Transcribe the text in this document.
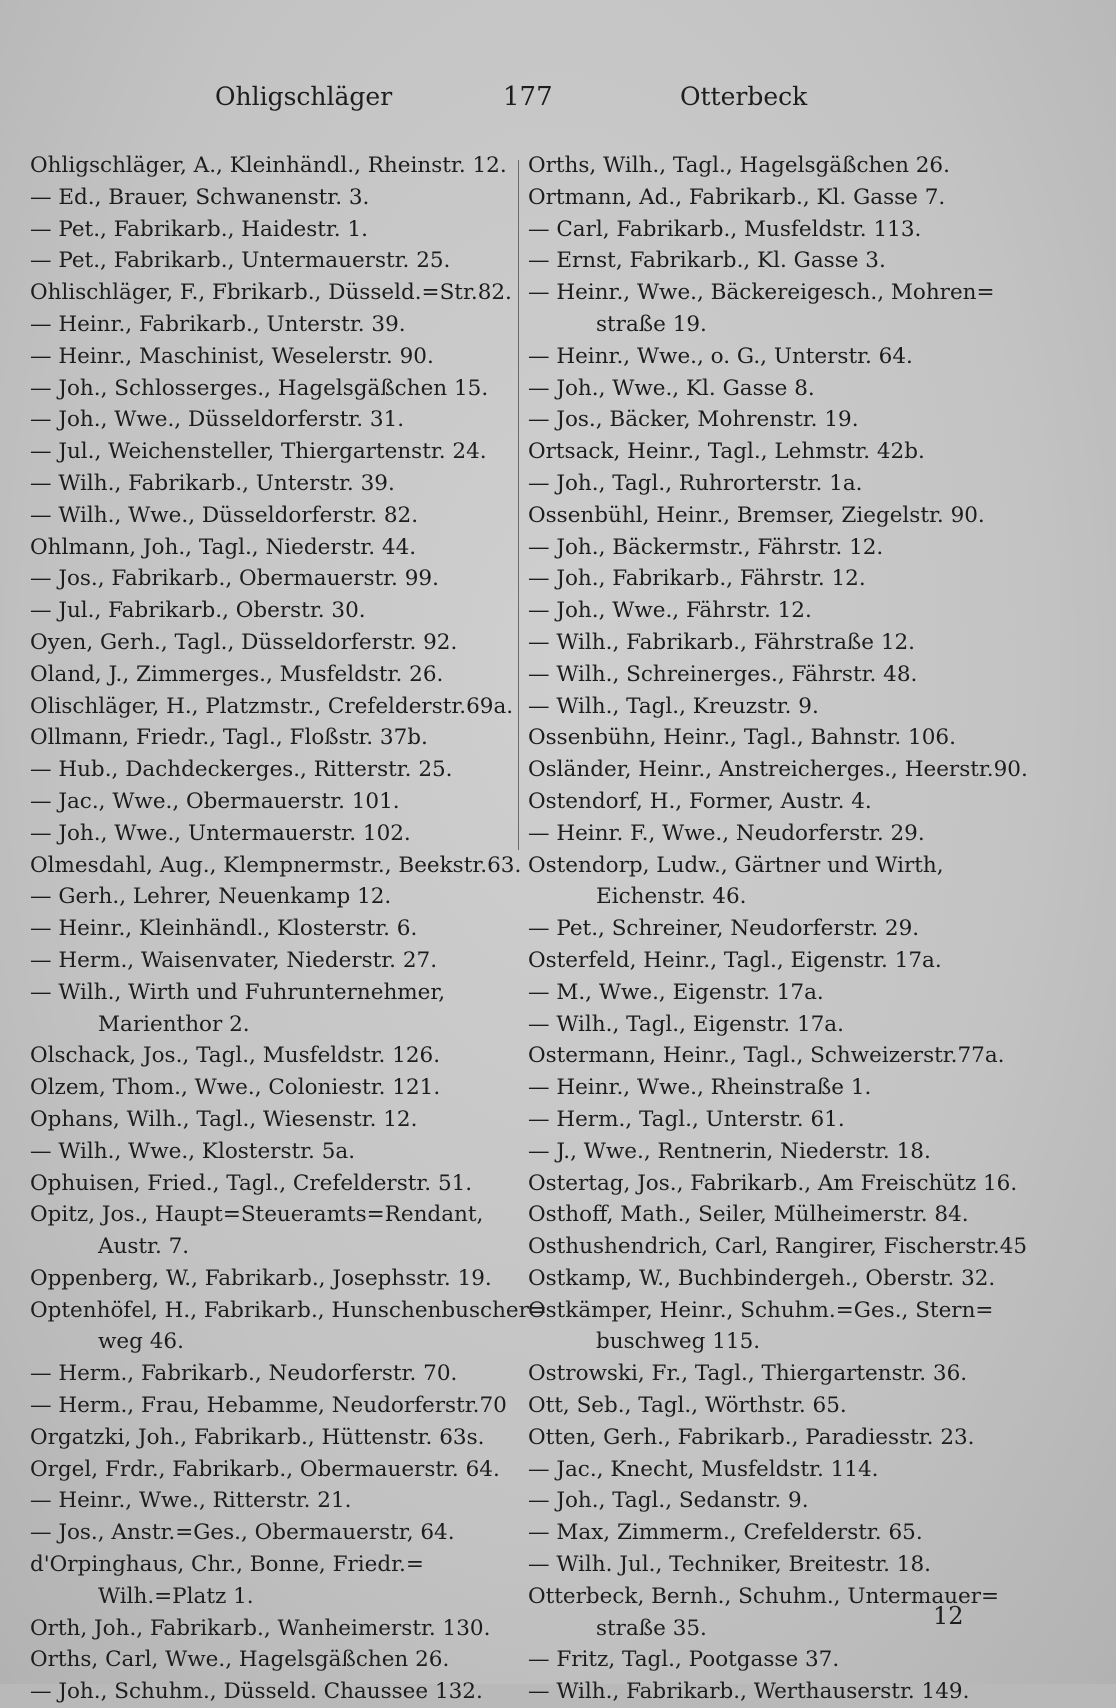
Ohligschläger	177	Otterbeck
Ohligschläger, A., Kleinhändl., Rheinstr. 12.
— Ed., Brauer, Schwanenstr. 3.
— Pet., Fabrikarb., Haidestr. 1.
— Pet., Fabrikarb., Untermauerstr. 25.
Ohlischläger, F., Fbrikarb., Düsseld.=Str.82.
— Heinr., Fabrikarb., Unterstr. 39.
— Heinr., Maschinist, Weselerstr. 90.
— Joh., Schlosserges., Hagelsgäßchen 15.
— Joh., Wwe., Düsseldorferstr. 31.
— Jul., Weichensteller, Thiergartenstr. 24.
— Wilh., Fabrikarb., Unterstr. 39.
— Wilh., Wwe., Düsseldorferstr. 82.
Ohlmann, Joh., Tagl., Niederstr. 44.
— Jos., Fabrikarb., Obermauerstr. 99.
— Jul., Fabrikarb., Oberstr. 30.
Oyen, Gerh., Tagl., Düsseldorferstr. 92.
Oland, J., Zimmerges., Musfeldstr. 26.
Olischläger, H., Platzmstr., Crefelderstr.69a.
Ollmann, Friedr., Tagl., Floßstr. 37b.
— Hub., Dachdeckerges., Ritterstr. 25.
— Jac., Wwe., Obermauerstr. 101.
— Joh., Wwe., Untermauerstr. 102.
Olmesdahl, Aug., Klempnermstr., Beekstr.63.
— Gerh., Lehrer, Neuenkamp 12.
— Heinr., Kleinhändl., Klosterstr. 6.
— Herm., Waisenvater, Niederstr. 27.
— Wilh., Wirth und Fuhrunternehmer,
Marienthor 2.
Olschack, Jos., Tagl., Musfeldstr. 126.
Olzem, Thom., Wwe., Coloniestr. 121.
Ophans, Wilh., Tagl., Wiesenstr. 12.
— Wilh., Wwe., Klosterstr. 5a.
Ophuisen, Fried., Tagl., Crefelderstr. 51.
Opitz, Jos., Haupt=Steueramts=Rendant,
Austr. 7.
Oppenberg, W., Fabrikarb., Josephsstr. 19.
Optenhöfel, H., Fabrikarb., Hunschenbuscher=
weg 46.
— Herm., Fabrikarb., Neudorferstr. 70.
— Herm., Frau, Hebamme, Neudorferstr.70
Orgatzki, Joh., Fabrikarb., Hüttenstr. 63s.
Orgel, Frdr., Fabrikarb., Obermauerstr. 64.
— Heinr., Wwe., Ritterstr. 21.
— Jos., Anstr.=Ges., Obermauerstr, 64.
d'Orpinghaus, Chr., Bonne, Friedr.=
Wilh.=Platz 1.
Orth, Joh., Fabrikarb., Wanheimerstr. 130.
Orths, Carl, Wwe., Hagelsgäßchen 26.
— Joh., Schuhm., Düsseld. Chaussee 132.
Orths, Wilh., Tagl., Hagelsgäßchen 26.
Ortmann, Ad., Fabrikarb., Kl. Gasse 7.
— Carl, Fabrikarb., Musfeldstr. 113.
— Ernst, Fabrikarb., Kl. Gasse 3.
— Heinr., Wwe., Bäckereigesch., Mohren=
straße 19.
— Heinr., Wwe., o. G., Unterstr. 64.
— Joh., Wwe., Kl. Gasse 8.
— Jos., Bäcker, Mohrenstr. 19.
Ortsack, Heinr., Tagl., Lehmstr. 42b.
— Joh., Tagl., Ruhrorterstr. 1a.
Ossenbühl, Heinr., Bremser, Ziegelstr. 90.
— Joh., Bäckermstr., Fährstr. 12.
— Joh., Fabrikarb., Fährstr. 12.
— Joh., Wwe., Fährstr. 12.
— Wilh., Fabrikarb., Fährstraße 12.
— Wilh., Schreinerges., Fährstr. 48.
— Wilh., Tagl., Kreuzstr. 9.
Ossenbühn, Heinr., Tagl., Bahnstr. 106.
Osländer, Heinr., Anstreicherges., Heerstr.90.
Ostendorf, H., Former, Austr. 4.
— Heinr. F., Wwe., Neudorferstr. 29.
Ostendorp, Ludw., Gärtner und Wirth,
Eichenstr. 46.
— Pet., Schreiner, Neudorferstr. 29.
Osterfeld, Heinr., Tagl., Eigenstr. 17a.
— M., Wwe., Eigenstr. 17a.
— Wilh., Tagl., Eigenstr. 17a.
Ostermann, Heinr., Tagl., Schweizerstr.77a.
— Heinr., Wwe., Rheinstraße 1.
— Herm., Tagl., Unterstr. 61.
— J., Wwe., Rentnerin, Niederstr. 18.
Ostertag, Jos., Fabrikarb., Am Freischütz 16.
Osthoff, Math., Seiler, Mülheimerstr. 84.
Osthushendrich, Carl, Rangirer, Fischerstr.45
Ostkamp, W., Buchbindergeh., Oberstr. 32.
Ostkämper, Heinr., Schuhm.=Ges., Stern=
buschweg 115.
Ostrowski, Fr., Tagl., Thiergartenstr. 36.
Ott, Seb., Tagl., Wörthstr. 65.
Otten, Gerh., Fabrikarb., Paradiesstr. 23.
— Jac., Knecht, Musfeldstr. 114.
— Joh., Tagl., Sedanstr. 9.
— Max, Zimmerm., Crefelderstr. 65.
— Wilh. Jul., Techniker, Breitestr. 18.
Otterbeck, Bernh., Schuhm., Untermauer=
straße 35.
— Fritz, Tagl., Pootgasse 37.
— Wilh., Fabrikarb., Werthauserstr. 149.
12
